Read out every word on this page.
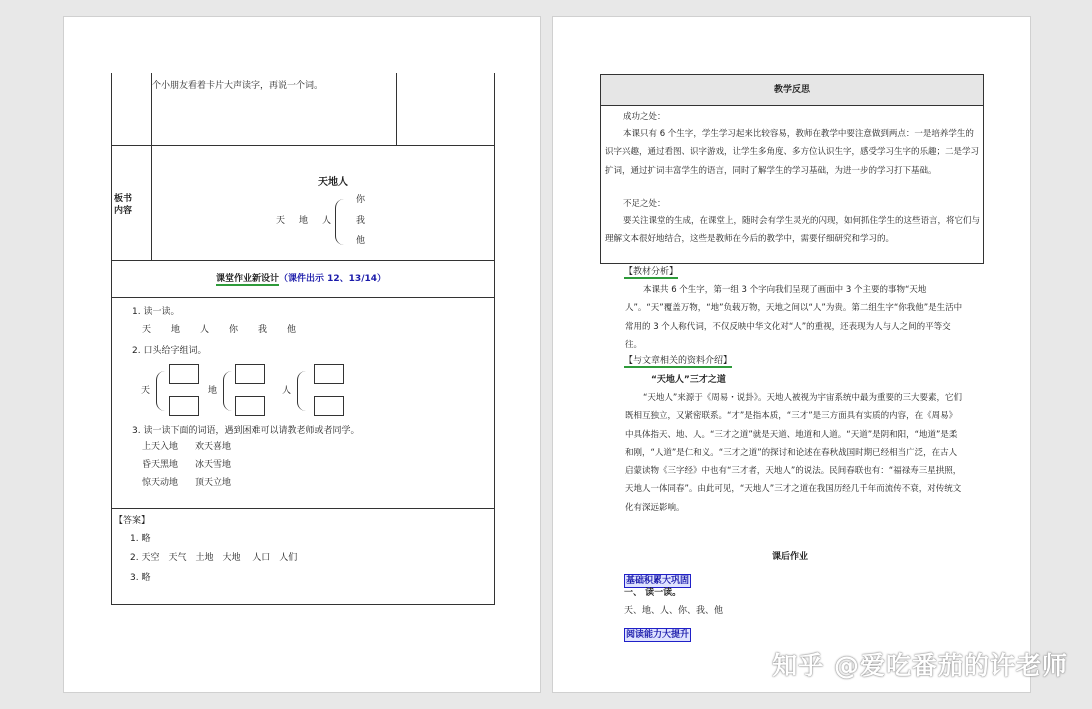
个小朋友看着卡片大声读字，再说一个词。
板书
内容
天地人
天 地 人
你
我
他
课堂作业新设计（课件出示 12、13/14）
1. 读一读。
天 地 人 你 我 他
2. 口头给字组词。
天	地	人
3. 读一读下面的词语，遇到困难可以请教老师或者同学。
上天入地 欢天喜地
昏天黑地 冰天雪地
惊天动地 顶天立地
【答案】
1. 略
2. 天空　天气　土地　大地　 人口　人们
3. 略
教学反思
成功之处：
本课只有 6 个生字，学生学习起来比较容易，教师在教学中要注意做到两点：一是培养学生的识字兴趣，通过看图、识字游戏，让学生多角度、多方位认识生字，感受学习生字的乐趣；二是学习扩词，通过扩词丰富学生的语言，同时了解学生的学习基础，为进一步的学习打下基础。
不足之处：
要关注课堂的生成，在课堂上，随时会有学生灵光的闪现，如何抓住学生的这些语言，将它们与理解文本很好地结合，这些是教师在今后的教学中，需要仔细研究和学习的。
【教材分析】
本课共 6 个生字，第一组 3 个字向我们呈现了画面中 3 个主要的事物“天地人”。“天”覆盖万物，“地”负载万物，天地之间以“人”为贵。第二组生字“你我他”是生活中常用的 3 个人称代词，不仅反映中华文化对“人”的重视，还表现为人与人之间的平等交往。
【与文章相关的资料介绍】
“天地人”三才之道
“天地人”来源于《周易・说卦》。天地人被视为宇宙系统中最为重要的三大要素，它们既相互独立，又紧密联系。“才”是指本质，“三才”是三方面具有实质的内容，在《周易》中具体指天、地、人。“三才之道”就是天道、地道和人道。“天道”是阴和阳，“地道”是柔和刚，“人道”是仁和义。“三才之道”的探讨和论述在春秋战国时期已经相当广泛，在古人启蒙读物《三字经》中也有“三才者，天地人”的说法。民间春联也有：“福禄寿三星拱照，天地人一体同春”。由此可见，“天地人”三才之道在我国历经几千年而流传不衰，对传统文化有深远影响。
课后作业
基础积累大巩固
一、 读一读。
天、地、人、你、我、他
阅读能力大提升
知乎 @爱吃番茄的许老师
